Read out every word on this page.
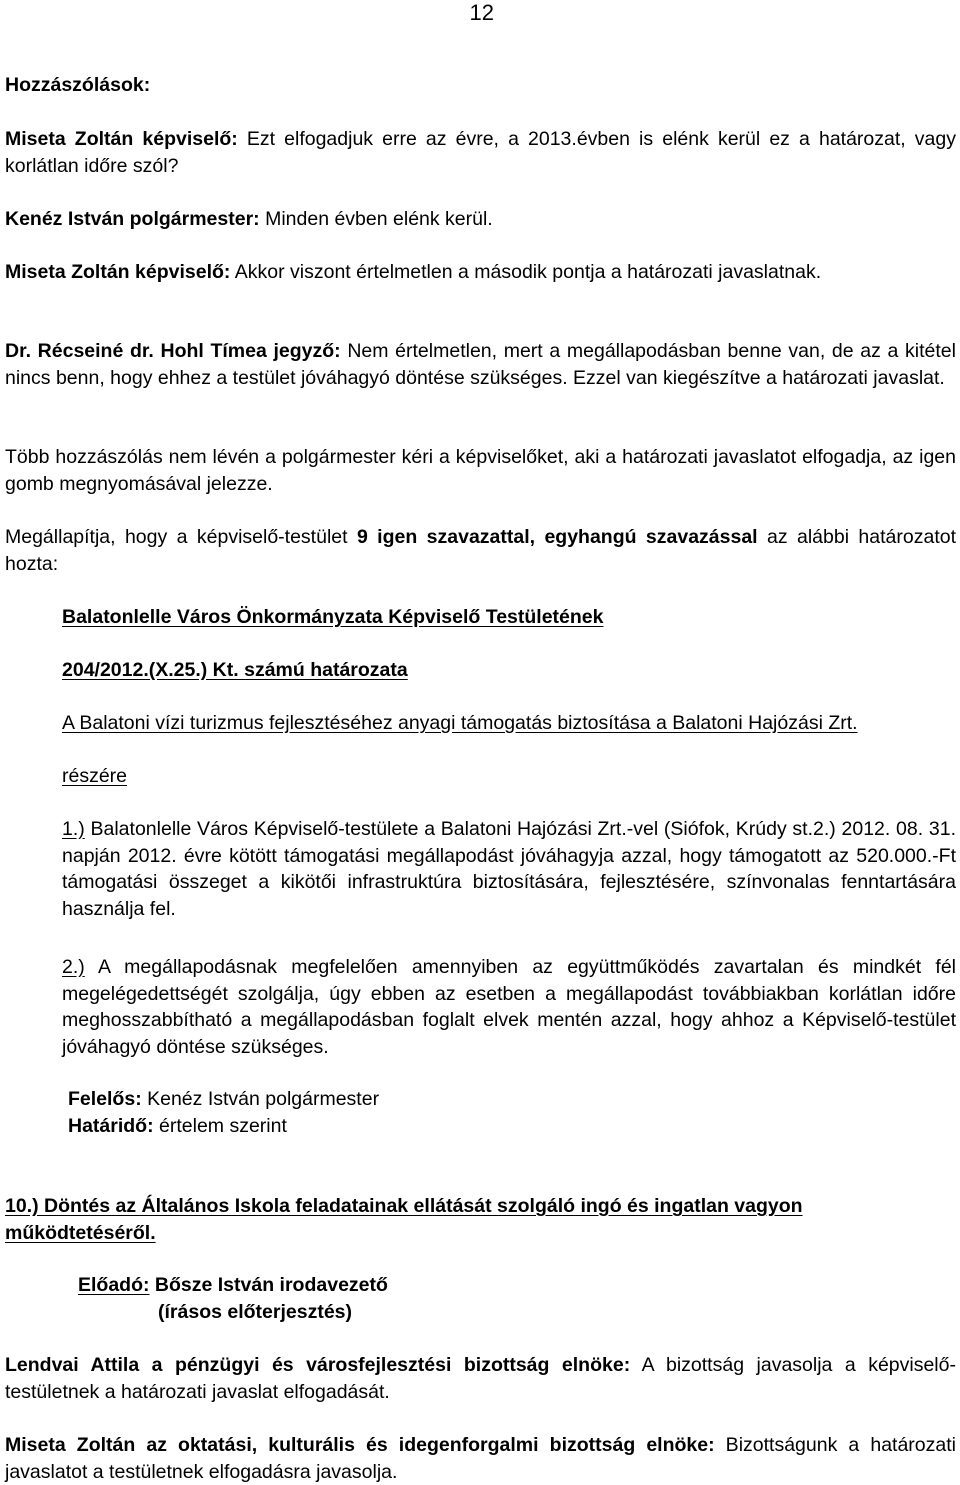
12

Hozzászólások:

Miseta Zoltán képviselő: Ezt elfogadjuk erre az évre, a 2013.évben is elénk kerül ez a határozat, vagy korlátlan időre szól?

Kenéz István polgármester: Minden évben elénk kerül.

Miseta Zoltán képviselő: Akkor viszont értelmetlen a második pontja a határozati javaslatnak.

Dr. Récseiné dr. Hohl Tímea jegyző: Nem értelmetlen, mert a megállapodásban benne van, de az a kitétel nincs benn, hogy ehhez a testület jóváhagyó döntése szükséges. Ezzel van kiegészítve a határozati javaslat.

Több hozzászólás nem lévén a polgármester kéri a képviselőket, aki a határozati javaslatot elfogadja, az igen gomb megnyomásával jelezze.

Megállapítja, hogy a képviselő-testület 9 igen szavazattal, egyhangú szavazással az alábbi határozatot hozta:

Balatonlelle Város Önkormányzata Képviselő Testületének

204/2012.(X.25.) Kt. számú határozata

A Balatoni vízi turizmus fejlesztéséhez anyagi támogatás biztosítása a Balatoni Hajózási Zrt.

részére

1.) Balatonlelle Város Képviselő-testülete a Balatoni Hajózási Zrt.-vel (Siófok, Krúdy st.2.) 2012. 08. 31. napján 2012. évre kötött támogatási megállapodást jóváhagyja azzal, hogy támogatott az 520.000.-Ft támogatási összeget a kikötői infrastruktúra biztosítására, fejlesztésére, színvonalas fenntartására használja fel.

2.) A megállapodásnak megfelelően amennyiben az együttműködés zavartalan és mindkét fél megelégedettségét szolgálja, úgy ebben az esetben a megállapodást továbbiakban korlátlan időre meghosszabbítható a megállapodásban foglalt elvek mentén azzal, hogy ahhoz a Képviselő-testület jóváhagyó döntése szükséges.

Felelős: Kenéz István polgármester

Határidő: értelem szerint

10.) Döntés az Általános Iskola feladatainak ellátását szolgáló ingó és ingatlan vagyon működtetéséről.

Előadó: Bősze István irodavezető

(írásos előterjesztés)

Lendvai Attila a pénzügyi és városfejlesztési bizottság elnöke: A bizottság javasolja a képviselő-testületnek a határozati javaslat elfogadását.

Miseta Zoltán az oktatási, kulturális és idegenforgalmi bizottság elnöke: Bizottságunk a határozati javaslatot a testületnek elfogadásra javasolja.
